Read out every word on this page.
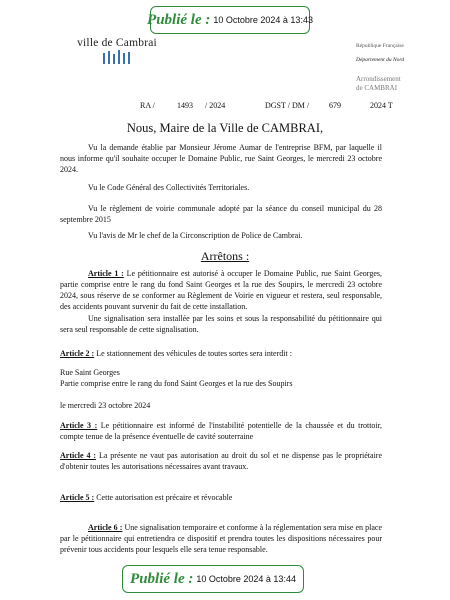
Publié le : 10 Octobre 2024 à 13:43
ville de Cambrai	République Française
Département du Nord
Arrondissement
de CAMBRAI
RA /	1493 / 2024	DGST / DM / 679	2024 T
Nous, Maire de la Ville de CAMBRAI,
Vu la demande établie par Monsieur Jérome Aumar de l'entreprise BFM, par laquelle il nous informe qu'il souhaite occuper le Domaine Public, rue Saint Georges, le mercredi 23 octobre 2024.
Vu le Code Général des Collectivités Territoriales.
Vu le règlement de voirie communale adopté par la séance du conseil municipal du 28 septembre 2015
Vu l'avis de Mr le chef de la Circonscription de Police de Cambrai.
Arrêtons :
Article 1 : Le pétitionnaire est autorisé à occuper le Domaine Public, rue Saint Georges, partie comprise entre le rang du fond Saint Georges et la rue des Soupirs, le mercredi 23 octobre 2024, sous réserve de se conformer au Règlement de Voirie en vigueur et restera, seul responsable, des accidents pouvant survenir du fait de cette installation.
Une signalisation sera installée par les soins et sous la responsabilité du pétitionnaire qui sera seul responsable de cette signalisation.
Article 2 : Le stationnement des véhicules de toutes sortes sera interdit :
Rue Saint Georges
Partie comprise entre le rang du fond Saint Georges et la rue des Soupirs
le mercredi 23 octobre 2024
Article 3 : Le pétitionnaire est informé de l'instabilité potentielle de la chaussée et du trottoir, compte tenue de la présence éventuelle de cavité souterraine
Article 4 : La présente ne vaut pas autorisation au droit du sol et ne dispense pas le propriétaire d'obtenir toutes les autorisations nécessaires avant travaux.
Article 5 : Cette autorisation est précaire et révocable
Article 6 : Une signalisation temporaire et conforme à la réglementation sera mise en place par le pétitionnaire qui entretiendra ce dispositif et prendra toutes les dispositions nécessaires pour prévenir tous accidents pour lesquels elle sera tenue responsable.
Publié le : 10 Octobre 2024 à 13:44
